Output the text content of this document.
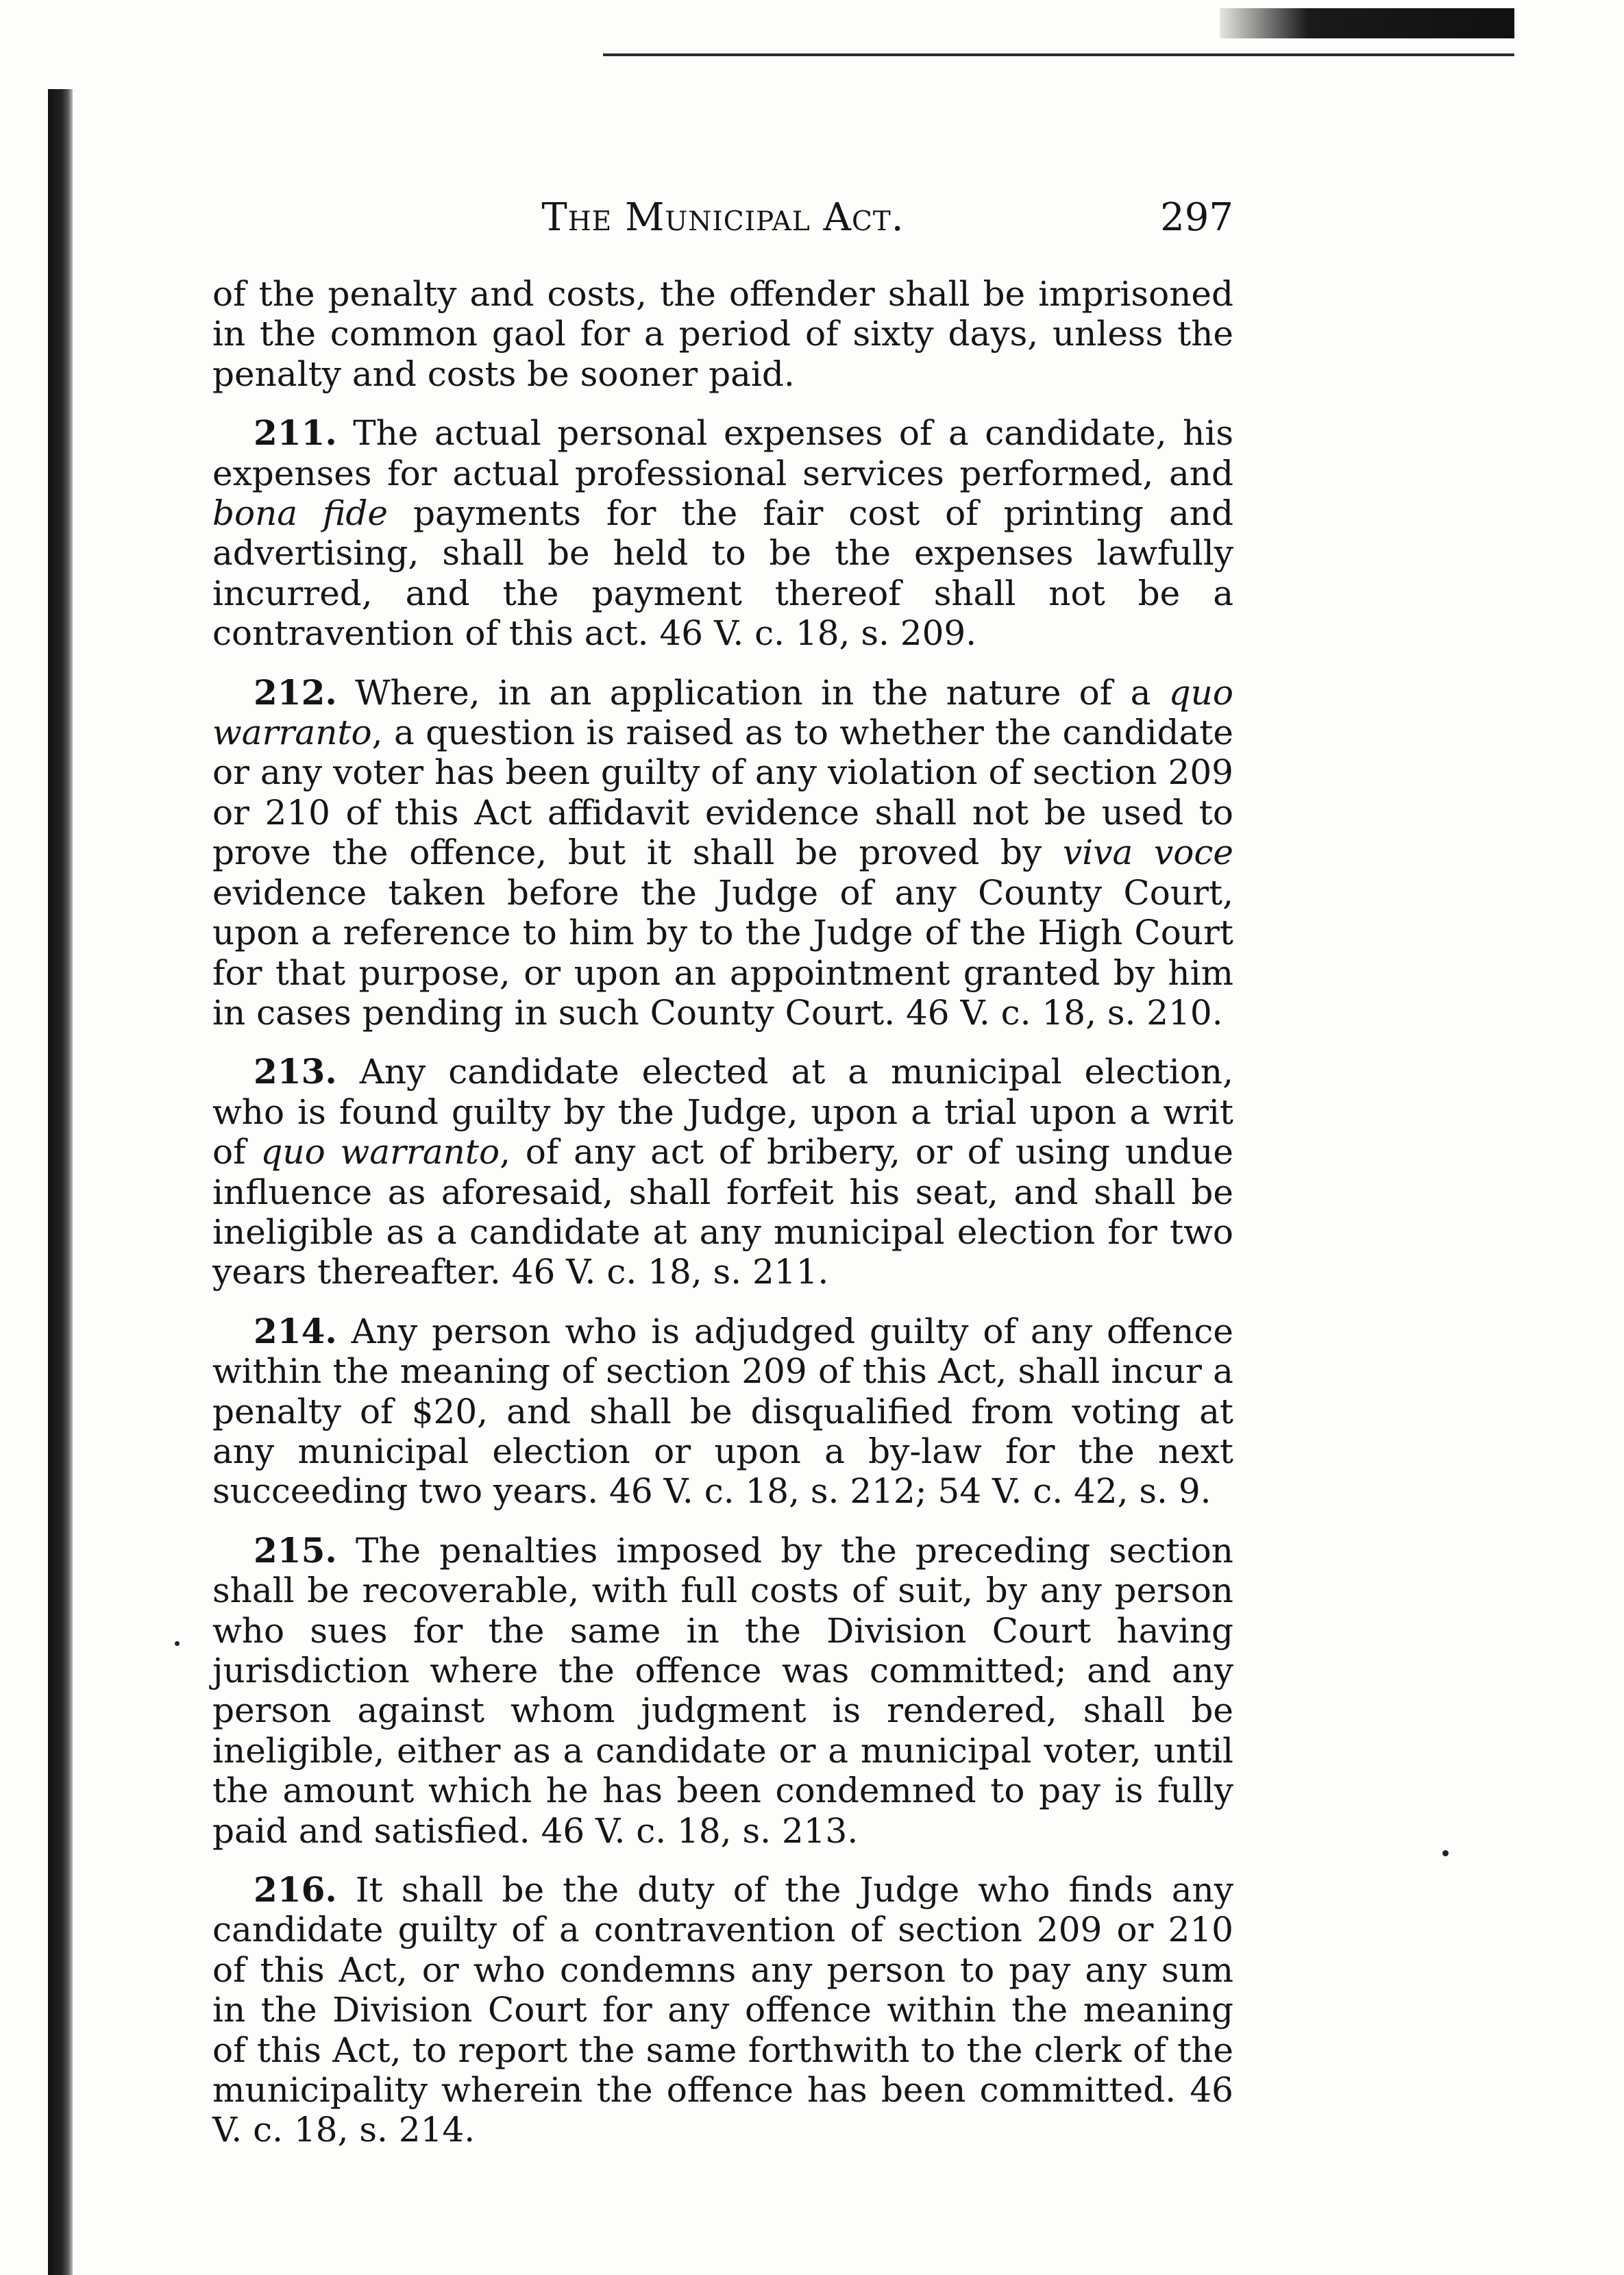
The Municipal Act.	297

of the penalty and costs, the offender shall be imprisoned in the common gaol for a period of sixty days, unless the penalty and costs be sooner paid.

211. The actual personal expenses of a candidate, his expenses for actual professional services performed, and bona fide payments for the fair cost of printing and advertising, shall be held to be the expenses lawfully incurred, and the payment thereof shall not be a contravention of this act. 46 V. c. 18, s. 209.

212. Where, in an application in the nature of a quo warranto, a question is raised as to whether the candidate or any voter has been guilty of any violation of section 209 or 210 of this Act affidavit evidence shall not be used to prove the offence, but it shall be proved by viva voce evidence taken before the Judge of any County Court, upon a reference to him by to the Judge of the High Court for that purpose, or upon an appointment granted by him in cases pending in such County Court. 46 V. c. 18, s. 210.

213. Any candidate elected at a municipal election, who is found guilty by the Judge, upon a trial upon a writ of quo warranto, of any act of bribery, or of using undue influence as aforesaid, shall forfeit his seat, and shall be ineligible as a candidate at any municipal election for two years thereafter. 46 V. c. 18, s. 211.

214. Any person who is adjudged guilty of any offence within the meaning of section 209 of this Act, shall incur a penalty of $20, and shall be disqualified from voting at any municipal election or upon a by-law for the next succeeding two years. 46 V. c. 18, s. 212; 54 V. c. 42, s. 9.

215. The penalties imposed by the preceding section shall be recoverable, with full costs of suit, by any person who sues for the same in the Division Court having jurisdiction where the offence was committed; and any person against whom judgment is rendered, shall be ineligible, either as a candidate or a municipal voter, until the amount which he has been condemned to pay is fully paid and satisfied. 46 V. c. 18, s. 213.

216. It shall be the duty of the Judge who finds any candidate guilty of a contravention of section 209 or 210 of this Act, or who condemns any person to pay any sum in the Division Court for any offence within the meaning of this Act, to report the same forthwith to the clerk of the municipality wherein the offence has been committed. 46 V. c. 18, s. 214.
